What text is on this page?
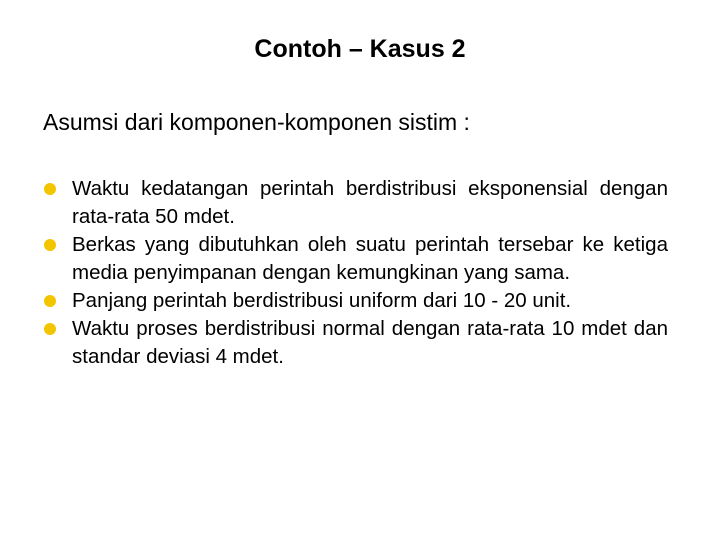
Contoh – Kasus 2
Asumsi dari komponen-komponen sistim :
Waktu kedatangan perintah berdistribusi eksponensial dengan rata-rata 50 mdet.
Berkas yang dibutuhkan oleh suatu perintah tersebar ke ketiga media penyimpanan dengan kemungkinan yang sama.
Panjang perintah berdistribusi uniform dari 10 - 20 unit.
Waktu proses berdistribusi normal dengan rata-rata 10 mdet dan standar deviasi 4 mdet.
